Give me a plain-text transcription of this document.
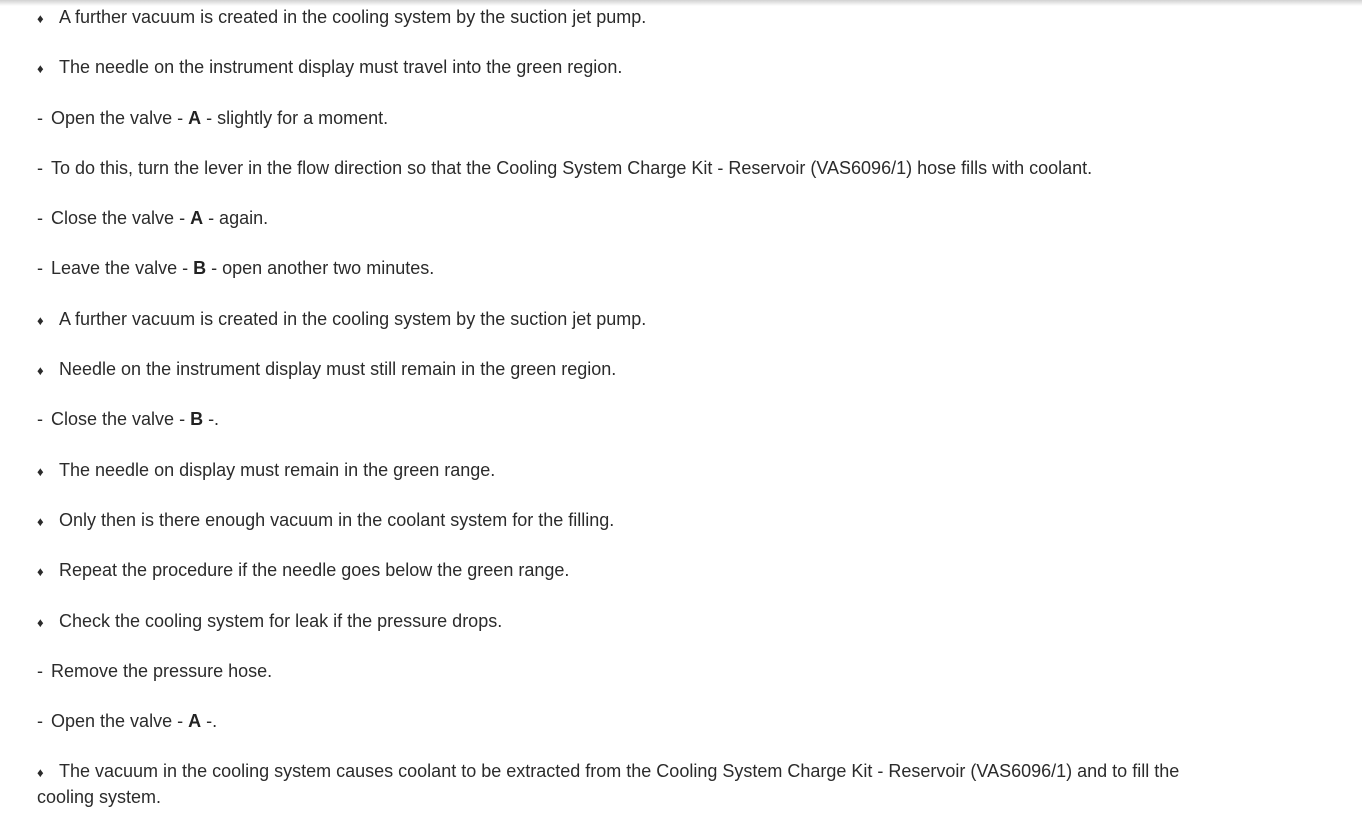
♦ A further vacuum is created in the cooling system by the suction jet pump.
♦ The needle on the instrument display must travel into the green region.
- Open the valve - A - slightly for a moment.
- To do this, turn the lever in the flow direction so that the Cooling System Charge Kit - Reservoir (VAS6096/1) hose fills with coolant.
- Close the valve - A - again.
- Leave the valve - B - open another two minutes.
♦ A further vacuum is created in the cooling system by the suction jet pump.
♦ Needle on the instrument display must still remain in the green region.
- Close the valve - B -.
♦ The needle on display must remain in the green range.
♦ Only then is there enough vacuum in the coolant system for the filling.
♦ Repeat the procedure if the needle goes below the green range.
♦ Check the cooling system for leak if the pressure drops.
- Remove the pressure hose.
- Open the valve - A -.
♦ The vacuum in the cooling system causes coolant to be extracted from the Cooling System Charge Kit - Reservoir (VAS6096/1) and to fill the cooling system.
